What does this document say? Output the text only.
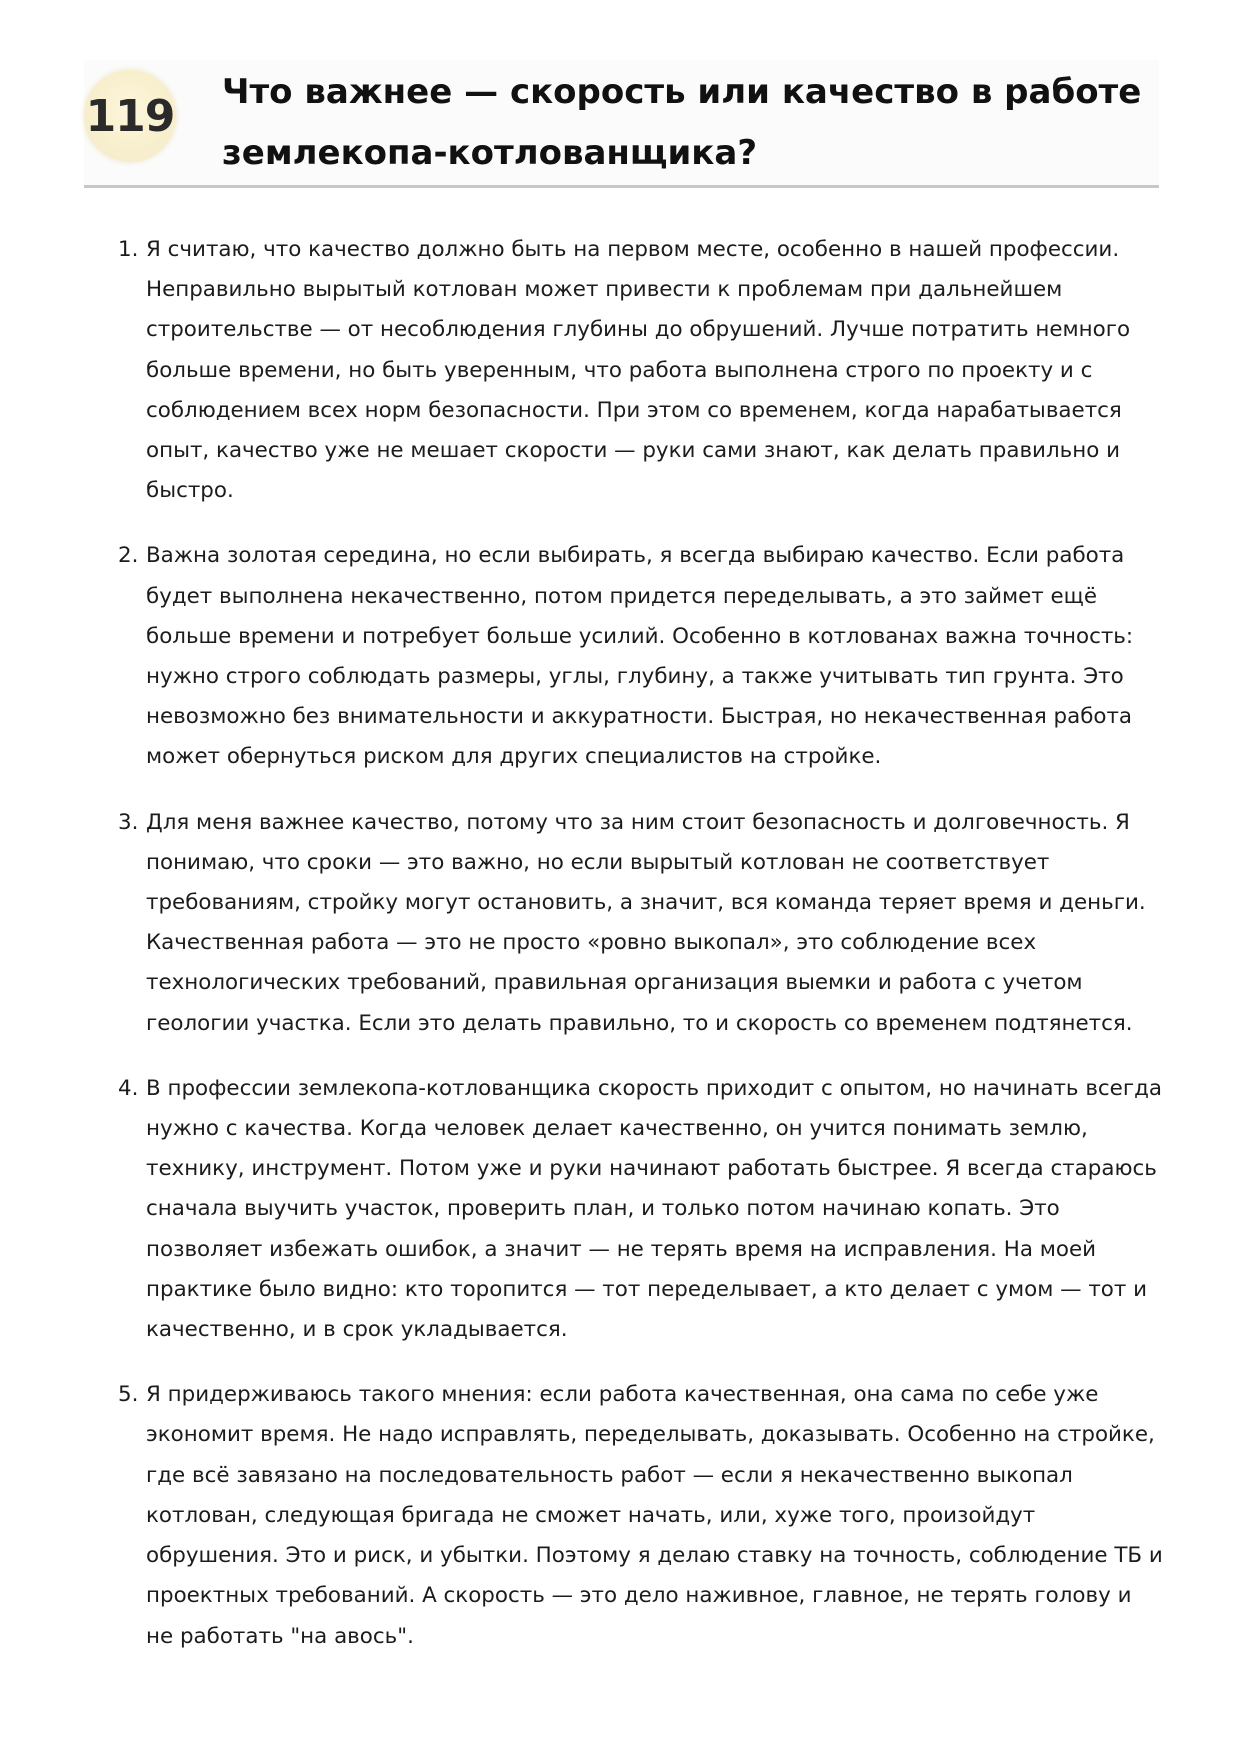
119 Что важнее — скорость или качество в работе землекопа-котлованщика?
1. Я считаю, что качество должно быть на первом месте, особенно в нашей профессии. Неправильно вырытый котлован может привести к проблемам при дальнейшем строительстве — от несоблюдения глубины до обрушений. Лучше потратить немного больше времени, но быть уверенным, что работа выполнена строго по проекту и с соблюдением всех норм безопасности. При этом со временем, когда нарабатывается опыт, качество уже не мешает скорости — руки сами знают, как делать правильно и быстро.
2. Важна золотая середина, но если выбирать, я всегда выбираю качество. Если работа будет выполнена некачественно, потом придется переделывать, а это займет ещё больше времени и потребует больше усилий. Особенно в котлованах важна точность: нужно строго соблюдать размеры, углы, глубину, а также учитывать тип грунта. Это невозможно без внимательности и аккуратности. Быстрая, но некачественная работа может обернуться риском для других специалистов на стройке.
3. Для меня важнее качество, потому что за ним стоит безопасность и долговечность. Я понимаю, что сроки — это важно, но если вырытый котлован не соответствует требованиям, стройку могут остановить, а значит, вся команда теряет время и деньги. Качественная работа — это не просто «ровно выкопал», это соблюдение всех технологических требований, правильная организация выемки и работа с учетом геологии участка. Если это делать правильно, то и скорость со временем подтянется.
4. В профессии землекопа-котлованщика скорость приходит с опытом, но начинать всегда нужно с качества. Когда человек делает качественно, он учится понимать землю, технику, инструмент. Потом уже и руки начинают работать быстрее. Я всегда стараюсь сначала выучить участок, проверить план, и только потом начинаю копать. Это позволяет избежать ошибок, а значит — не терять время на исправления. На моей практике было видно: кто торопится — тот переделывает, а кто делает с умом — тот и качественно, и в срок укладывается.
5. Я придерживаюсь такого мнения: если работа качественная, она сама по себе уже экономит время. Не надо исправлять, переделывать, доказывать. Особенно на стройке, где всё завязано на последовательность работ — если я некачественно выкопал котлован, следующая бригада не сможет начать, или, хуже того, произойдут обрушения. Это и риск, и убытки. Поэтому я делаю ставку на точность, соблюдение ТБ и проектных требований. А скорость — это дело наживное, главное, не терять голову и не работать "на авось".
